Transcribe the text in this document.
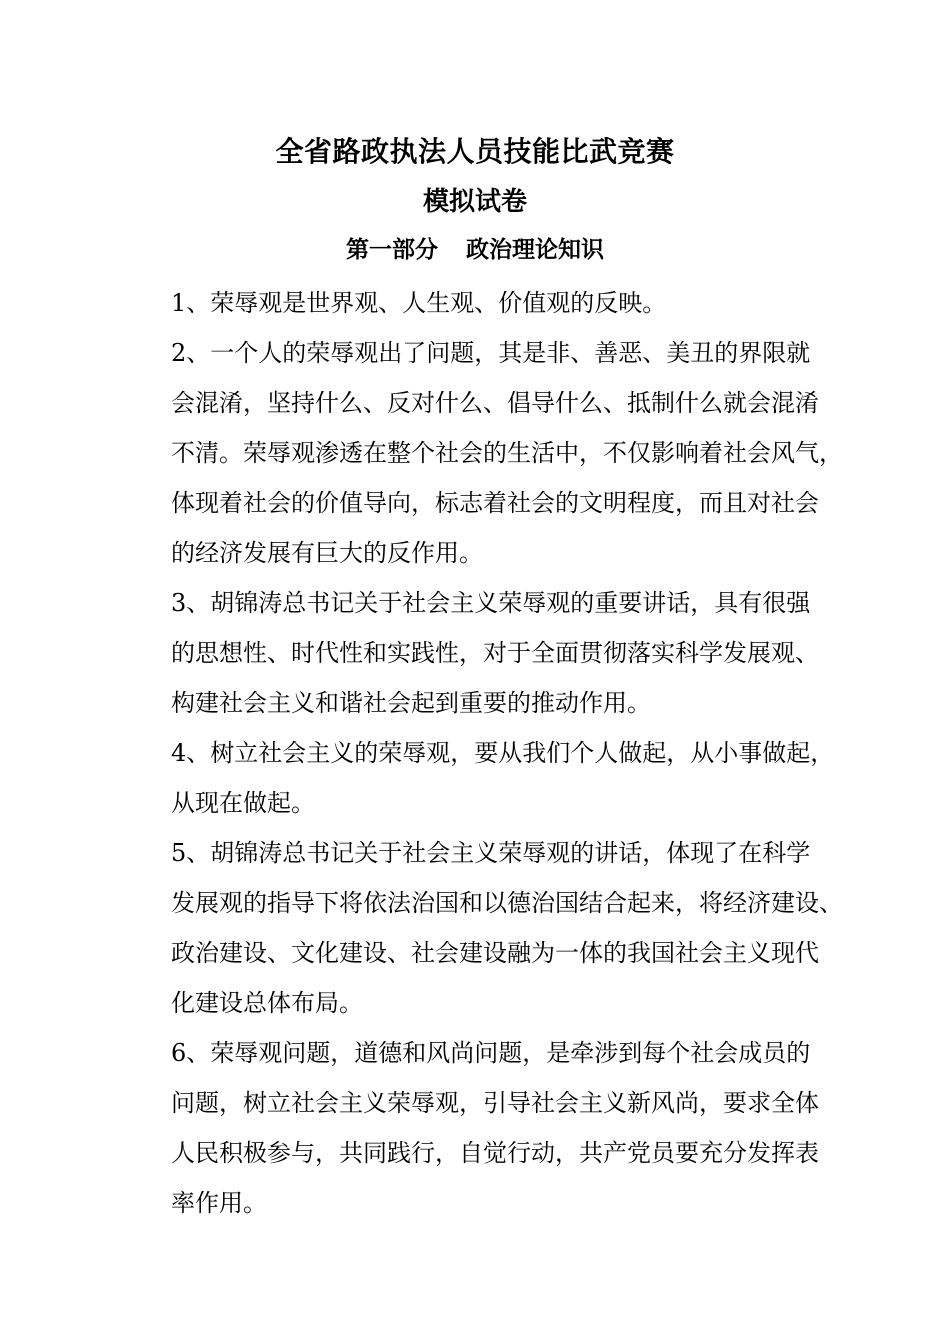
全省路政执法人员技能比武竞赛
模拟试卷
第一部分 政治理论知识

1、荣辱观是世界观、人生观、价值观的反映。

2、一个人的荣辱观出了问题，其是非、善恶、美丑的界限就
会混淆，坚持什么、反对什么、倡导什么、抵制什么就会混淆
不清。荣辱观渗透在整个社会的生活中，不仅影响着社会风气，
体现着社会的价值导向，标志着社会的文明程度，而且对社会
的经济发展有巨大的反作用。

3、胡锦涛总书记关于社会主义荣辱观的重要讲话，具有很强
的思想性、时代性和实践性，对于全面贯彻落实科学发展观、
构建社会主义和谐社会起到重要的推动作用。

4、树立社会主义的荣辱观，要从我们个人做起，从小事做起，
从现在做起。

5、胡锦涛总书记关于社会主义荣辱观的讲话，体现了在科学
发展观的指导下将依法治国和以德治国结合起来，将经济建设、
政治建设、文化建设、社会建设融为一体的我国社会主义现代
化建设总体布局。

6、荣辱观问题，道德和风尚问题，是牵涉到每个社会成员的
问题，树立社会主义荣辱观，引导社会主义新风尚，要求全体
人民积极参与，共同践行，自觉行动，共产党员要充分发挥表
率作用。
